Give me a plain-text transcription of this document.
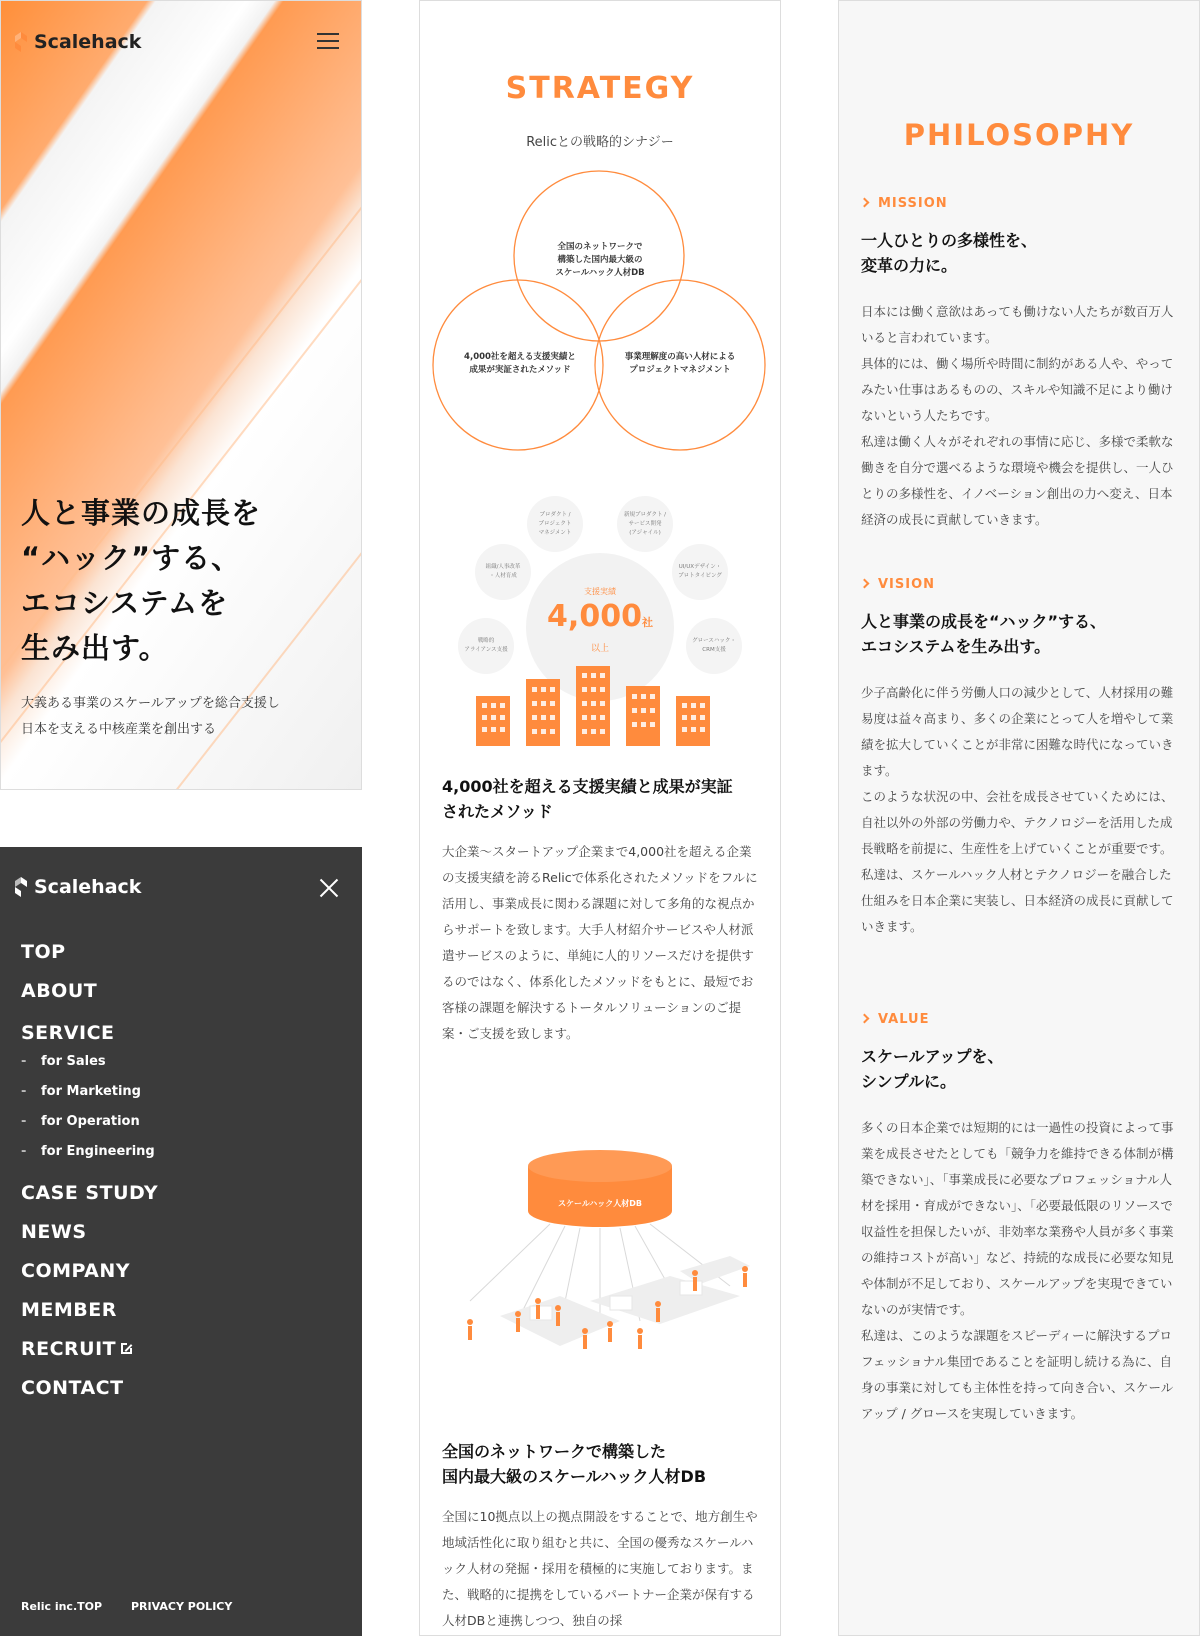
Scalehack
人と事業の成長を
“ハック”する、
エコシステムを
生み出す。
大義ある事業のスケールアップを総合支援し
日本を支える中核産業を創出する
Scalehack
TOP
ABOUT
SERVICE
- for Sales
- for Marketing
- for Operation
- for Engineering
CASE STUDY
NEWS
COMPANY
MEMBER
RECRUIT
CONTACT
Relic inc.TOP	PRIVACY POLICY
STRATEGY
Relicとの戦略的シナジー
全国のネットワークで
構築した国内最大級の
スケールハック人材DB
4,000社を超える支援実績と
成果が実証されたメソッド
事業理解度の高い人材による
プロジェクトマネジメント
支援実績
4,000社
以上
プロダクト /
プロジェクト
マネジメント
新規プロダクト /
サービス開発
(アジャイル)
組織/人事改革
・人材育成
UI/UXデザイン・
プロトタイピング
戦略的
アライアンス支援
グロースハック・
CRM支援
4,000社を超える支援実績と成果が実証
されたメソッド
大企業〜スタートアップ企業まで4,000社を超える企業の支援実績を誇るRelicで体系化されたメソッドをフルに活用し、事業成長に関わる課題に対して多角的な視点からサポートを致します。大手人材紹介サービスや人材派遣サービスのように、単純に人的リソースだけを提供するのではなく、体系化したメソッドをもとに、最短でお客様の課題を解決するトータルソリューションのご提案・ご支援を致します。
スケールハック人材DB
全国のネットワークで構築した
国内最大級のスケールハック人材DB
全国に10拠点以上の拠点開設をすることで、地方創生や地域活性化に取り組むと共に、全国の優秀なスケールハック人材の発掘・採用を積極的に実施しております。また、戦略的に提携をしているパートナー企業が保有する人材DBと連携しつつ、独自の採
PHILOSOPHY
MISSION
一人ひとりの多様性を、
変革の力に。
日本には働く意欲はあっても働けない人たちが数百万人いると言われています。
具体的には、働く場所や時間に制約がある人や、やってみたい仕事はあるものの、スキルや知識不足により働けないという人たちです。
私達は働く人々がそれぞれの事情に応じ、多様で柔軟な働きを自分で選べるような環境や機会を提供し、一人ひとりの多様性を、イノベーション創出の力へ変え、日本経済の成長に貢献していきます。
VISION
人と事業の成長を“ハック”する、
エコシステムを生み出す。
少子高齢化に伴う労働人口の減少として、人材採用の難易度は益々高まり、多くの企業にとって人を増やして業績を拡大していくことが非常に困難な時代になっていきます。
このような状況の中、会社を成長させていくためには、自社以外の外部の労働力や、テクノロジーを活用した成長戦略を前提に、生産性を上げていくことが重要です。
私達は、スケールハック人材とテクノロジーを融合した仕組みを日本企業に実装し、日本経済の成長に貢献していきます。
VALUE
スケールアップを、
シンプルに。
多くの日本企業では短期的には一過性の投資によって事業を成長させたとしても「競争力を維持できる体制が構築できない」、「事業成長に必要なプロフェッショナル人材を採用・育成ができない」、「必要最低限のリソースで収益性を担保したいが、非効率な業務や人員が多く事業の維持コストが高い」など、持続的な成長に必要な知見や体制が不足しており、スケールアップを実現できていないのが実情です。
私達は、このような課題をスピーディーに解決するプロフェッショナル集団であることを証明し続ける為に、自身の事業に対しても主体性を持って向き合い、スケールアップ / グロースを実現していきます。
